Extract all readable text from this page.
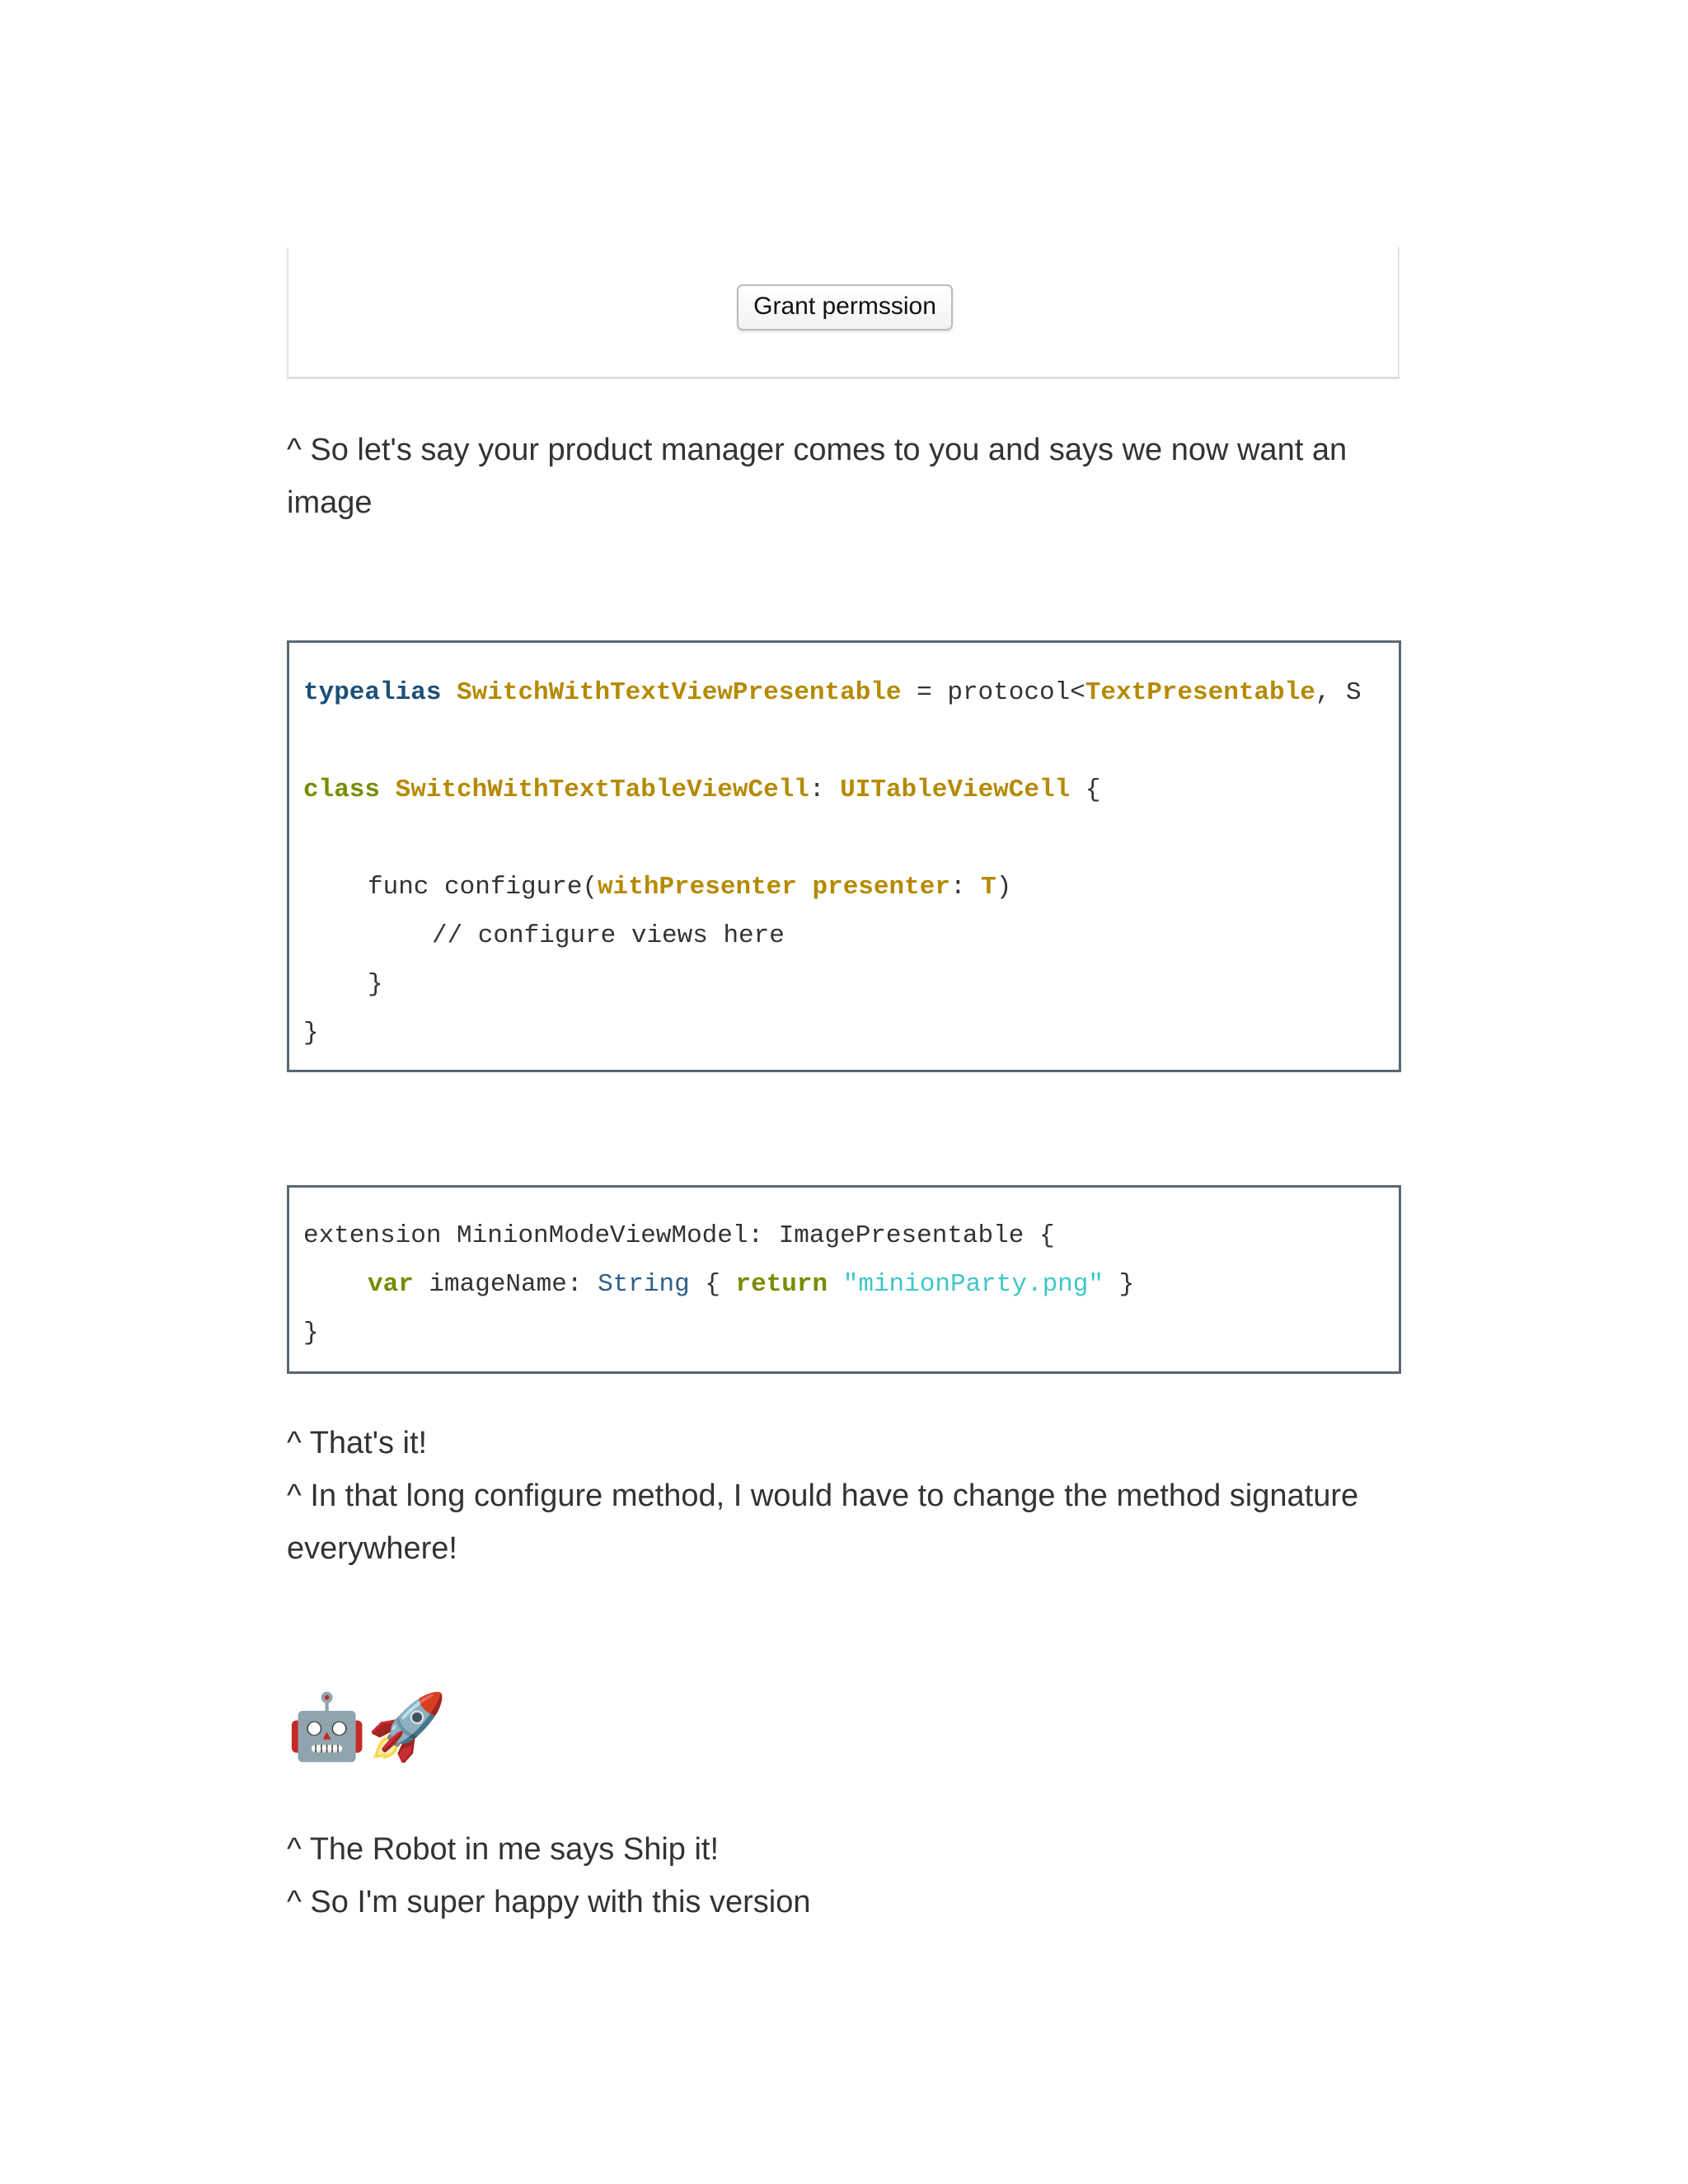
Grant permssion

^ So let's say your product manager comes to you and says we now want an
image

typealias SwitchWithTextViewPresentable = protocol<TextPresentable, S
class SwitchWithTextTableViewCell: UITableViewCell {
func configure(withPresenter presenter: T)
// configure views here
}
}
extension MinionModeViewModel: ImagePresentable {
var imageName: String { return "minionParty.png" }
}

^ That's it!
^ In that long configure method, I would have to change the method signature
everywhere!

🤖🚀

^ The Robot in me says Ship it!
^ So I'm super happy with this version
